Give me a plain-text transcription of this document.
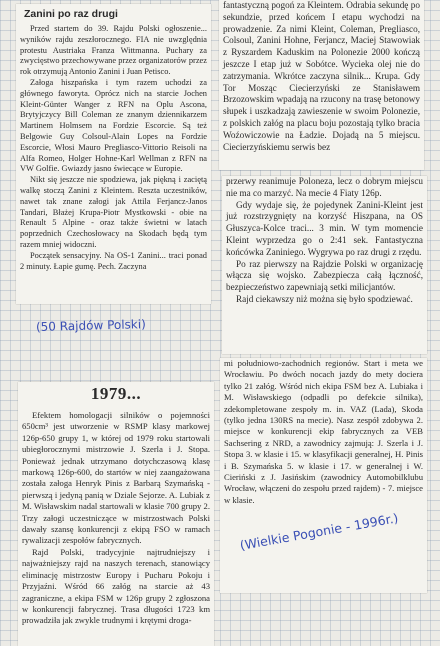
Zanini po raz drugi

Przed startem do 39. Rajdu Polski ogłoszenie... wyników rajdu zeszłorocznego. FIA nie uwzględnia protestu Austriaka Franza Wittmanna. Puchary za zwycięstwo przechowywane przez organizatorów przez rok otrzymują Antonio Zanini i Juan Petisco.

Załoga hiszpańska i tym razem uchodzi za głównego faworyta. Oprócz nich na starcie Jochen Kleint-Günter Wanger z RFN na Oplu Ascona, Brytyjczycy Bill Coleman ze znanym dziennikarzem Martinem Holmsem na Fordzie Escorcie. Są też Belgowie Guy Colsoul-Alain Lopes na Fordzie Escorcie, Włosi Mauro Pregliasco-Vittorio Reisoli na Alfa Romeo, Holger Hohne-Karl Wellman z RFN na VW Golfie. Gwiazdy jasno świecące w Europie.

Nikt się jeszcze nie spodziewa, jak piękną i zaciętą walkę stoczą Zanini z Kleintem. Reszta uczestników, nawet tak znane załogi jak Attila Ferjancz-Janos Tandari, Błażej Krupa-Piotr Mystkowski - obie na Renault 5 Alpine - oraz także świetni w latach poprzednich Czechosłowacy na Skodach będą tym razem mniej widoczni.

Początek sensacyjny. Na OS-1 Zanini... traci ponad 2 minuty. Łapie gumę. Pech. Zaczyna

fantastyczną pogoń za Kleintem. Odrabia sekundę po sekundzie, przed końcem I etapu wychodzi na prowadzenie. Za nimi Kleint, Coleman, Pregliasco, Colsoul, Zanini Hohne, Ferjancz, Maciej Stawowiak z Ryszardem Kaduskim na Polonezie 2000 kończą jeszcze I etap już w Sobótce. Wycieka olej nie do zatrzymania. Wkrótce zaczyna silnik... Krupa. Gdy Tor Mosząc Ciecierzyński ze Stanisławem Brzozowskim wpadają na rzucony na trasę betonowy słupek i uszkadzają zawieszenie w swoim Polonezie, z polskich załóg na placu boju pozostają tylko bracia Woźowiczowie na Ładzie. Dojadą na 5 miejscu. Ciecierzyńskiemu serwis bez

przerwy reanimuje Poloneza, lecz o dobrym miejscu nie ma co marzyć. Na mecie 4 Fiaty 126p.

Gdy wydaje się, że pojedynek Zanini-Kleint jest już rozstrzygnięty na korzyść Hiszpana, na OS Głuszyca-Kolce traci... 3 min. W tym momencie Kleint wyprzedza go o 2:41 sek. Fantastyczna końcówka Zaniniego. Wygrywa po raz drugi z rzędu.

Po raz pierwszy na Rajdzie Polski w organizację włącza się wojsko. Zabezpiecza całą łączność, bezpieczeństwo zapewniają setki milicjantów.

Rajd ciekawszy niż można się było spodziewać.

(50 Rajdów Polski)
1979...

Efektem homologacji silników o pojemności 650cm³ jest utworzenie w RSMP klasy markowej 126p-650 grupy 1, w której od 1979 roku startowali ubiegłorocznymi mistrzowie J. Szerla i J. Stopa. Ponieważ jednak utrzymano dotychczasową klasę markową 126p-600, do startów w niej zaangażowana została załoga Henryk Pinis z Barbarą Szymańską - pierwszą i jedyną panią w Dziale Sejorze. A. Lubiak z M. Wisławskim nadal startowali w klasie 700 grupy 2. Trzy załogi uczestniczące w mistrzostwach Polski dawały szansę konkurencji z ekipą FSO w ramach rywalizacji zespołów fabrycznych.

Rajd Polski, tradycyjnie najtrudniejszy i najważniejszy rajd na naszych terenach, stanowiący eliminację mistrzostw Europy i Pucharu Pokoju i Przyjaźni. Wśród 66 załóg na starcie aż 43 zagraniczne, a ekipa FSM w 126p grupy 2 zgłoszona w konkurencji fabrycznej. Trasa długości 1723 km prowadziła jak zwykle trudnymi i krętymi droga-

mi południowo-zachodnich regionów. Start i meta we Wrocławiu. Po dwóch nocach jazdy do mety dociera tylko 21 załóg. Wśród nich ekipa FSM bez A. Lubiaka i M. Wisławskiego (odpadli po defekcie silnika), zdekompletowane zespoły m. in. VAZ (Lada), Skoda (tylko jedna 130RS na mecie). Nasz zespół zdobywa 2. miejsce w konkurencji ekip fabrycznych za VEB Sachsering z NRD, a zawodnicy zajmują: J. Szerla i J. Stopa 3. w klasie i 15. w klasyfikacji generalnej, H. Pinis i B. Szymańska 5. w klasie i 17. w generalnej i W. Cieriński z J. Jasińskim (zawodnicy Automobilklubu Wrocław, włączeni do zespołu przed rajdem) - 7. miejsce w klasie.

(Wielkie Pogonie - 1996r.)
